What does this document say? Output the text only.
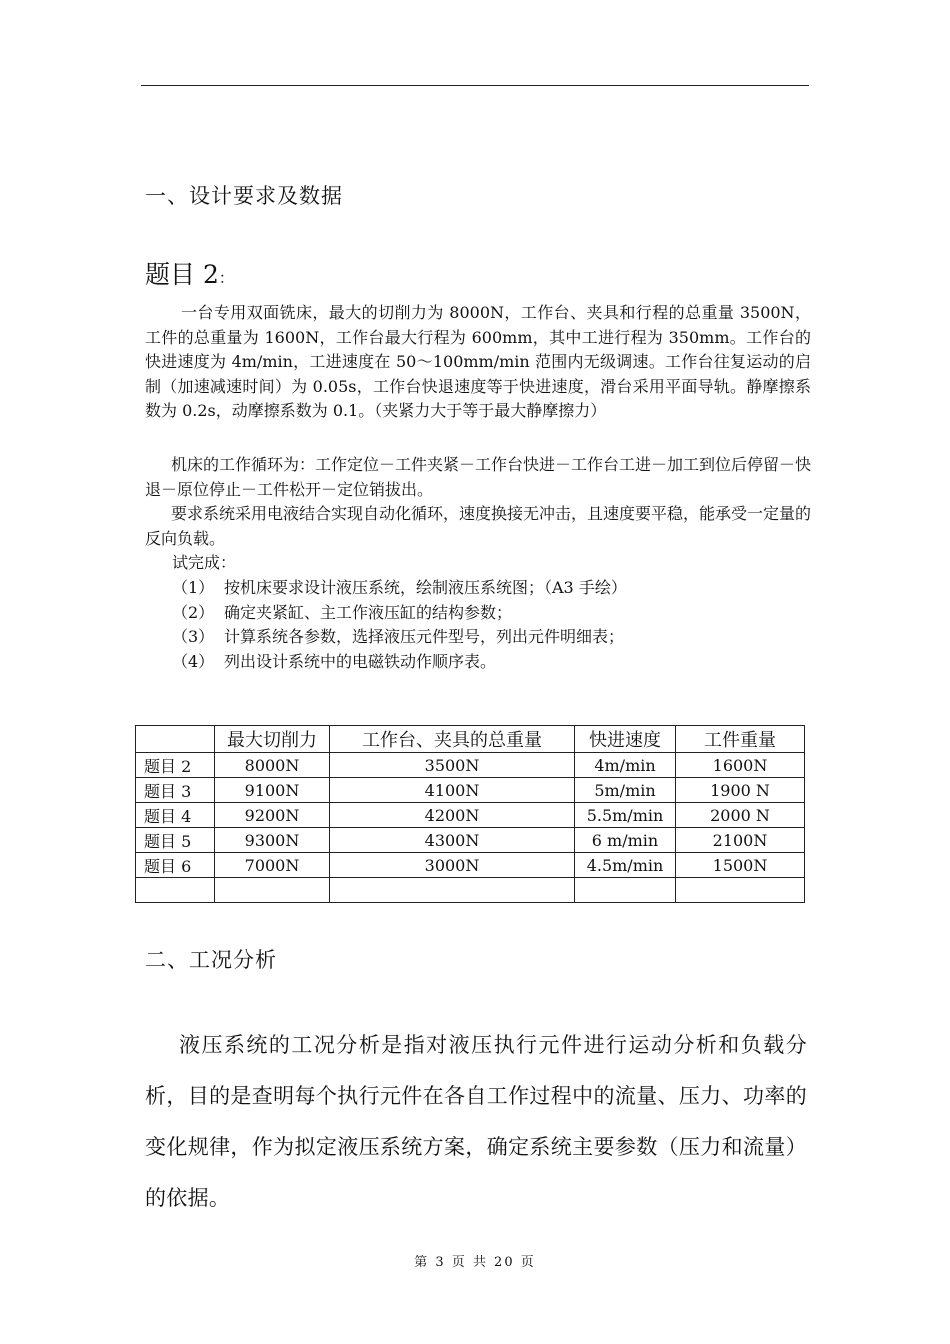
一、设计要求及数据
题目 2：

一台专用双面铣床，最大的切削力为 8000N，工作台、夹具和行程的总重量 3500N，工件的总重量为 1600N，工作台最大行程为 600mm，其中工进行程为 350mm。工作台的快进速度为 4m/min，工进速度在 50～100mm/min 范围内无级调速。工作台往复运动的启制（加速减速时间）为 0.05s，工作台快退速度等于快进速度，滑台采用平面导轨。静摩擦系数为 0.2s，动摩擦系数为 0.1。（夹紧力大于等于最大静摩擦力）

机床的工作循环为：工作定位－工件夹紧－工作台快进－工作台工进－加工到位后停留－快退－原位停止－工件松开－定位销拔出。

要求系统采用电液结合实现自动化循环，速度换接无冲击，且速度要平稳，能承受一定量的反向负载。

试完成：

（1） 按机床要求设计液压系统，绘制液压系统图；（A3 手绘）
（2） 确定夹紧缸、主工作液压缸的结构参数；
（3） 计算系统各参数，选择液压元件型号，列出元件明细表；
（4） 列出设计系统中的电磁铁动作顺序表。
	最大切削力	工作台、夹具的总重量	快进速度	工件重量
题目 2	8000N	3500N	4m/min	1600N
题目 3	9100N	4100N	5m/min	1900 N
题目 4	9200N	4200N	5.5m/min	2000 N
题目 5	9300N	4300N	6 m/min	2100N
题目 6	7000N	3000N	4.5m/min	1500N

二、工况分析

液压系统的工况分析是指对液压执行元件进行运动分析和负载分析，目的是查明每个执行元件在各自工作过程中的流量、压力、功率的变化规律，作为拟定液压系统方案，确定系统主要参数（压力和流量）的依据。

第 3 页 共 20 页
